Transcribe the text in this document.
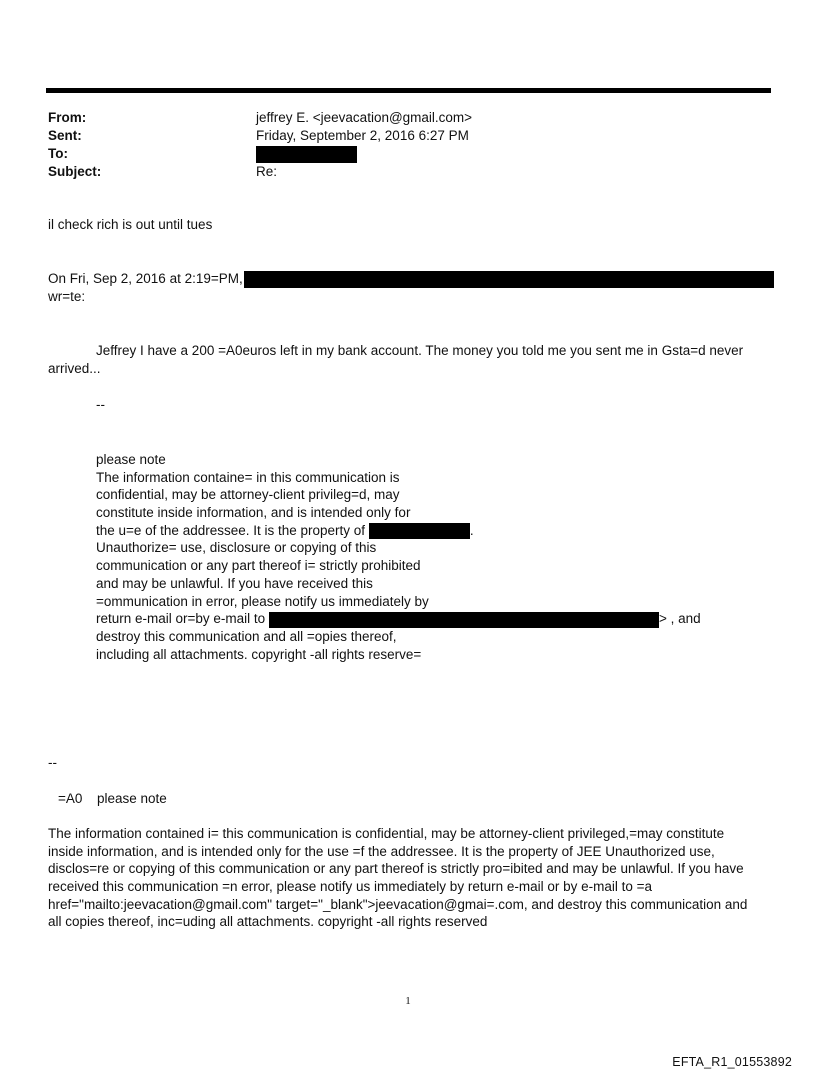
From:	jeffrey E. <jeevacation@gmail.com>
Sent:	Friday, September 2, 2016 6:27 PM
To:
Subject:	Re:
il check rich is out until tues
On Fri, Sep 2, 2016 at 2:19=PM,
wr=te:
Jeffrey I have a 200 =A0euros left in my bank account. The money you told me you sent me in Gsta=d never
arrived...
--
please note
The information containe= in this communication is
confidential, may be attorney-client privileg=d, may
constitute inside information, and is intended only for
the u=e of the addressee. It is the property of	.
Unauthorize= use, disclosure or copying of this
communication or any part thereof i= strictly prohibited
and may be unlawful. If you have received this
=ommunication in error, please notify us immediately by
return e-mail or=by e-mail to	> , and
destroy this communication and all =opies thereof,
including all attachments. copyright -all rights reserve=
--
=A0 please note
The information contained i= this communication is confidential, may be attorney-client privileged,=may constitute
inside information, and is intended only for the use =f the addressee. It is the property of JEE Unauthorized use,
disclos=re or copying of this communication or any part thereof is strictly pro=ibited and may be unlawful. If you have
received this communication =n error, please notify us immediately by return e-mail or by e-mail to =a
href="mailto:jeevacation@gmail.com" target="_blank">jeevacation@gmai=.com, and destroy this communication and
all copies thereof, inc=uding all attachments. copyright -all rights reserved
1
EFTA_R1_01553892
